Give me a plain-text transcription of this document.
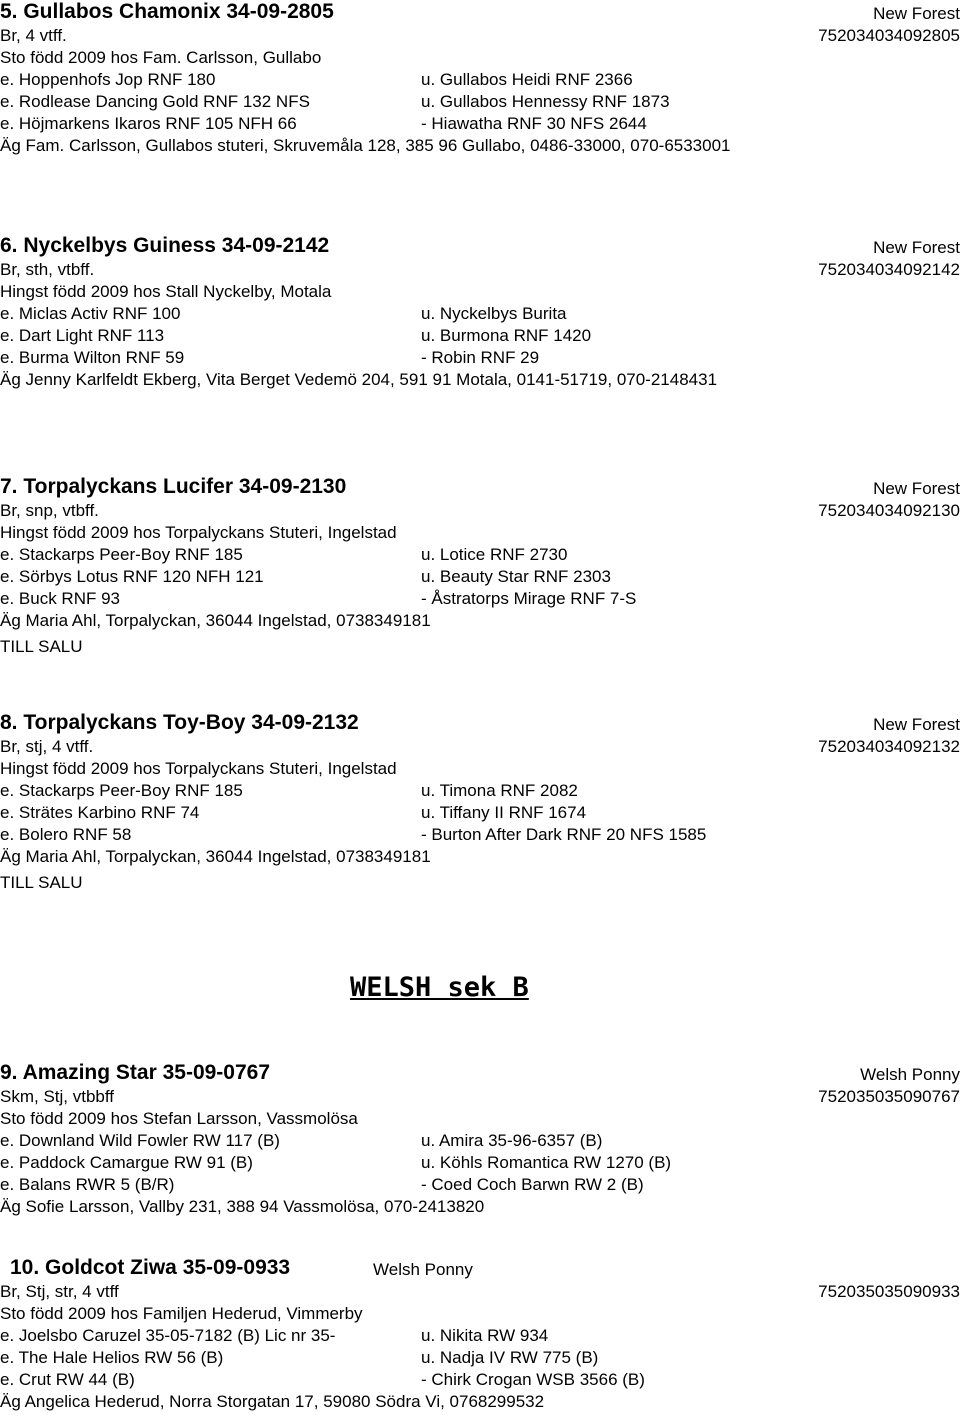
5. Gullabos Chamonix 34-09-2805	New Forest
Br, 4 vtff.	752034034092805
Sto född 2009 hos Fam. Carlsson, Gullabo
e. Hoppenhofs Jop RNF 180	u. Gullabos Heidi RNF 2366
e. Rodlease Dancing Gold RNF 132 NFS	u. Gullabos Hennessy RNF 1873
e. Höjmarkens Ikaros RNF 105 NFH 66	- Hiawatha RNF 30 NFS 2644
Äg Fam. Carlsson, Gullabos stuteri, Skruvemåla 128, 385 96 Gullabo, 0486-33000, 070-6533001
6. Nyckelbys Guiness 34-09-2142	New Forest
Br, sth, vtbff.	752034034092142
Hingst född 2009 hos Stall Nyckelby, Motala
e. Miclas Activ RNF 100	u. Nyckelbys Burita
e. Dart Light RNF 113	u. Burmona RNF 1420
e. Burma Wilton RNF 59	- Robin RNF 29
Äg Jenny Karlfeldt Ekberg, Vita Berget Vedemö 204, 591 91 Motala, 0141-51719, 070-2148431
7. Torpalyckans Lucifer 34-09-2130	New Forest
Br, snp, vtbff.	752034034092130
Hingst född 2009 hos Torpalyckans Stuteri, Ingelstad
e. Stackarps Peer-Boy RNF 185	u. Lotice RNF 2730
e. Sörbys Lotus RNF 120 NFH 121	u. Beauty Star RNF 2303
e. Buck RNF 93	- Åstratorps Mirage RNF 7-S
Äg Maria Ahl, Torpalyckan, 36044 Ingelstad, 0738349181
TILL SALU
8. Torpalyckans Toy-Boy 34-09-2132	New Forest
Br, stj, 4 vtff.	752034034092132
Hingst född 2009 hos Torpalyckans Stuteri, Ingelstad
e. Stackarps Peer-Boy RNF 185	u. Timona RNF 2082
e. Strätes Karbino RNF 74	u. Tiffany II RNF 1674
e. Bolero RNF 58	- Burton After Dark RNF 20 NFS 1585
Äg Maria Ahl, Torpalyckan, 36044 Ingelstad, 0738349181
TILL SALU
WELSH sek B
9. Amazing Star 35-09-0767	Welsh Ponny
Skm, Stj, vtbbff	752035035090767
Sto född 2009 hos Stefan Larsson, Vassmolösa
e. Downland Wild Fowler RW 117 (B)	u. Amira 35-96-6357 (B)
e. Paddock Camargue RW 91 (B)	u. Köhls Romantica RW 1270 (B)
e. Balans RWR 5 (B/R)	- Coed Coch Barwn RW 2 (B)
Äg Sofie Larsson, Vallby 231, 388 94 Vassmolösa, 070-2413820
10. Goldcot Ziwa 35-09-0933	Welsh Ponny
Br, Stj, str, 4 vtff	752035035090933
Sto född 2009 hos Familjen Hederud, Vimmerby
e. Joelsbo Caruzel 35-05-7182 (B) Lic nr 35-	u. Nikita RW 934
e. The Hale Helios RW 56 (B)	u. Nadja IV RW 775 (B)
e. Crut RW 44 (B)	- Chirk Crogan WSB 3566 (B)
Äg Angelica Hederud, Norra Storgatan 17, 59080 Södra Vi, 0768299532
